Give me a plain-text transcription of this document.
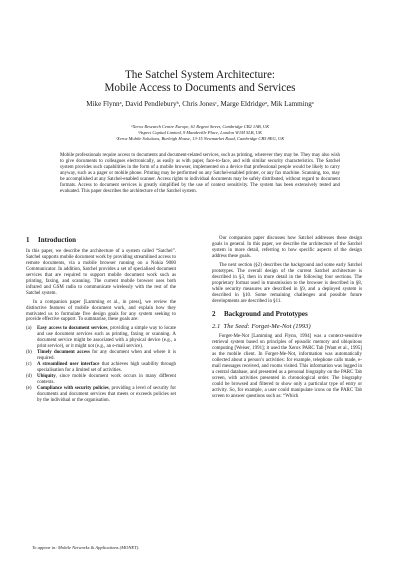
The Satchel System Architecture:
Mobile Access to Documents and Services
Mike Flynnᵃ, David Pendleburyᵇ, Chris Jonesᶜ, Marge Eldridgeᵃ, Mik Lammingᵃ
ᵃXerox Research Centre Europe, 61 Regent Street, Cambridge CB2 1AB, UK
ᵇAspect Capital Limited, 9 Mandeville Place, London W1M 5LB, UK
ᶜXerox Mobile Solutions, Burleigh House, 13-15 Newmarket Road, Cambridge CB5 8EG, UK

Mobile professionals require access to documents and document-related services, such as printing, wherever they may be. They may also wish to give documents to colleagues electronically, as easily as with paper, face-to-face, and with similar security characteristics. The Satchel system provides such capabilities in the form of a mobile browser, implemented on a device that professional people would be likely to carry anyway, such as a pager or mobile phone. Printing may be performed on any Satchel-enabled printer, or any fax machine. Scanning, too, may be accomplished at any Satchel-enabled scanner. Access rights to individual documents may be safely distributed, without regard to document formats. Access to document services is greatly simplified by the use of context sensitivity. The system has been extensively tested and evaluated. This paper describes the architecture of the Satchel system.

1 Introduction

In this paper, we describe the architecture of a system called “Satchel”. Satchel supports mobile document work by providing streamlined access to remote documents, via a mobile browser running on a Nokia 9000 Communicator. In addition, Satchel provides a set of specialised document services that are required to support mobile document work such as printing, faxing, and scanning. The current mobile browser uses both infrared and GSM radio to communicate wirelessly with the rest of the Satchel system.

In a companion paper [Lamming et al., in press], we review the distinctive features of mobile document work, and explain how they motivated us to formulate five design goals for any system seeking to provide effective support. To summarise, these goals are:

(a) Easy access to document services, providing a simple way to locate and use document services such as printing, faxing or scanning. A document service might be associated with a physical device (e.g., a print service), or it might not (e.g., an e-mail service).
(b) Timely document access for any document when and where it is required.
(c) A streamlined user interface that achieves high usability through specialisation for a limited set of activities.
(d) Ubiquity, since mobile document work occurs in many different contexts.
(e) Compliance with security policies, providing a level of security for documents and document services that meets or exceeds policies set by the individual or the organisation.

Our companion paper discusses how Satchel addresses these design goals in general. In this paper, we describe the architecture of the Satchel system in more detail, referring to how specific aspects of the design address these goals.

The next section (§2) describes the background and some early Satchel prototypes. The overall design of the current Satchel architecture is described in §3, then in more detail in the following four sections. The proprietary format used in transmission to the browser is described in §8, while security measures are described in §9, and a deployed system is described in §10. Some remaining challenges and possible future developments are described in §11.

2 Background and Prototypes
2.1 The Seed: Forget-Me-Not (1993)

Forget-Me-Not [Lamming and Flynn, 1994] was a context-sensitive retrieval system based on principles of episodic memory and ubiquitous computing [Weiser, 1991]; it used the Xerox PARC Tab [Want et al., 1995] as the mobile client. In Forget-Me-Not, information was automatically collected about a person’s activities: for example, telephone calls made, e-mail messages received, and rooms visited. This information was logged in a central database, and presented as a personal biography on the PARC Tab screen, with activities presented in chronological order. The biography could be browsed and filtered to show only a particular type of entry or activity. So, for example, a user could manipulate icons on the PARC Tab screen to answer questions such as: “Which

To appear in: Mobile Networks & Applications (MONET).
